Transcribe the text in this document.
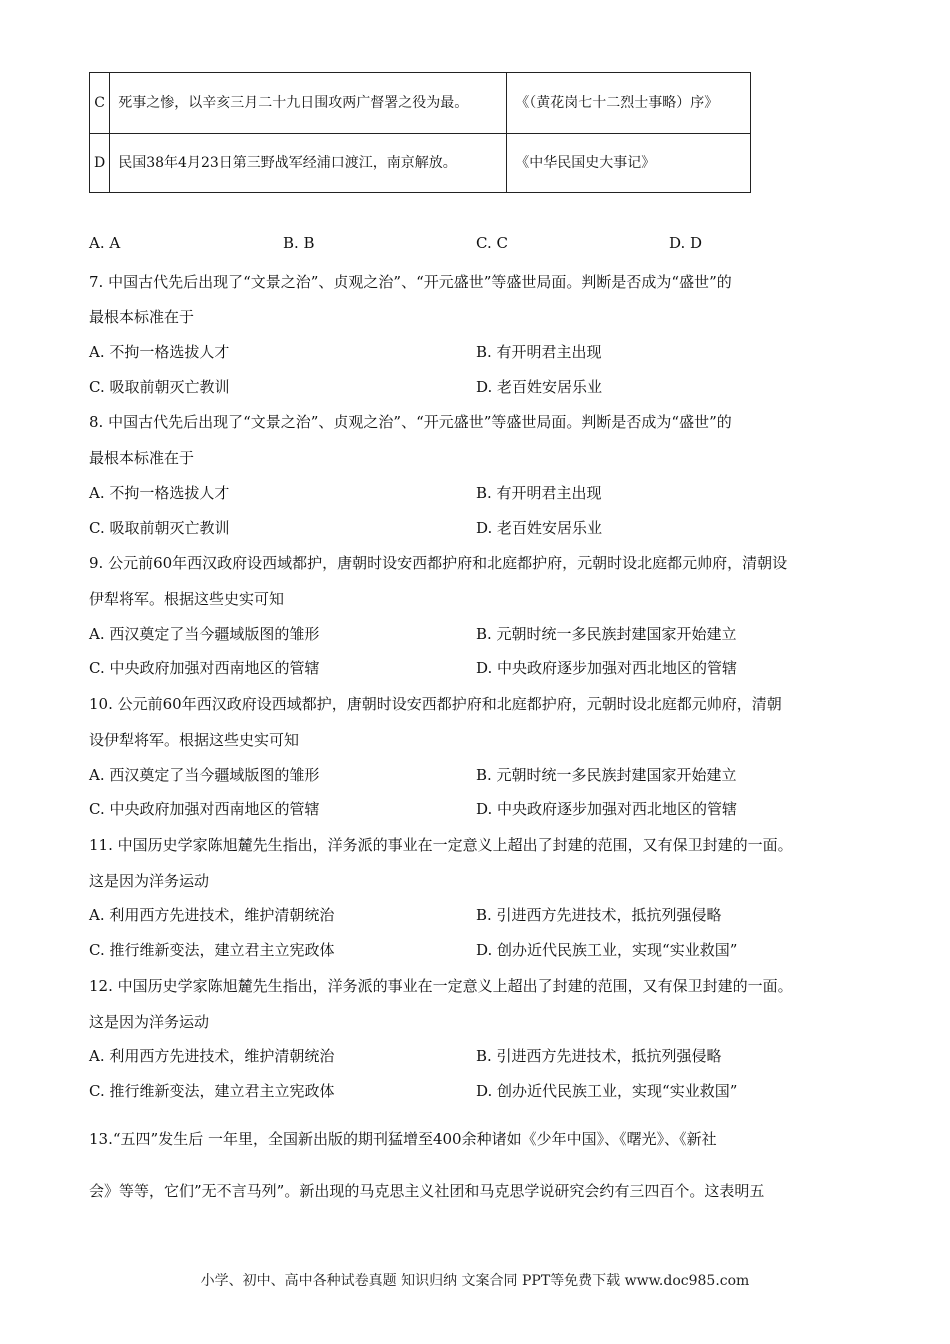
C	死事之惨，以辛亥三月二十九日围攻两广督署之役为最。	《（黄花岗七十二烈士事略）序》
D	民国38年4月23日第三野战军经浦口渡江，南京解放。	《中华民国史大事记》
A. A	B. B	C. C	D. D
7. 中国古代先后出现了“文景之治”、贞观之治”、“开元盛世”等盛世局面。判断是否成为“盛世”的
最根本标准在于
A. 不拘一格选拔人才	B. 有开明君主出现
C. 吸取前朝灭亡教训	D. 老百姓安居乐业
8. 中国古代先后出现了“文景之治”、贞观之治”、“开元盛世”等盛世局面。判断是否成为“盛世”的
最根本标准在于
A. 不拘一格选拔人才	B. 有开明君主出现
C. 吸取前朝灭亡教训	D. 老百姓安居乐业
9. 公元前60年西汉政府设西域都护，唐朝时设安西都护府和北庭都护府，元朝时设北庭都元帅府，清朝设
伊犁将军。根据这些史实可知
A. 西汉奠定了当今疆域版图的雏形	B. 元朝时统一多民族封建国家开始建立
C. 中央政府加强对西南地区的管辖	D. 中央政府逐步加强对西北地区的管辖
10. 公元前60年西汉政府设西域都护，唐朝时设安西都护府和北庭都护府，元朝时设北庭都元帅府，清朝
设伊犁将军。根据这些史实可知
A. 西汉奠定了当今疆域版图的雏形	B. 元朝时统一多民族封建国家开始建立
C. 中央政府加强对西南地区的管辖	D. 中央政府逐步加强对西北地区的管辖
11. 中国历史学家陈旭麓先生指出，洋务派的事业在一定意义上超出了封建的范围，又有保卫封建的一面。
这是因为洋务运动
A. 利用西方先进技术，维护清朝统治	B. 引进西方先进技术，抵抗列强侵略
C. 推行维新变法，建立君主立宪政体	D. 创办近代民族工业，实现“实业救国”
12. 中国历史学家陈旭麓先生指出，洋务派的事业在一定意义上超出了封建的范围，又有保卫封建的一面。
这是因为洋务运动
A. 利用西方先进技术，维护清朝统治	B. 引进西方先进技术，抵抗列强侵略
C. 推行维新变法，建立君主立宪政体	D. 创办近代民族工业，实现“实业救国”
13.“五四”发生后 一年里，全国新出版的期刊猛增至400余种诸如《少年中国》、《曙光》、《新社
会》等等，它们”无不言马列”。新出现的马克思主义社团和马克思学说研究会约有三四百个。这表明五
小学、初中、高中各种试卷真题 知识归纳 文案合同 PPT等免费下载 www.doc985.com
